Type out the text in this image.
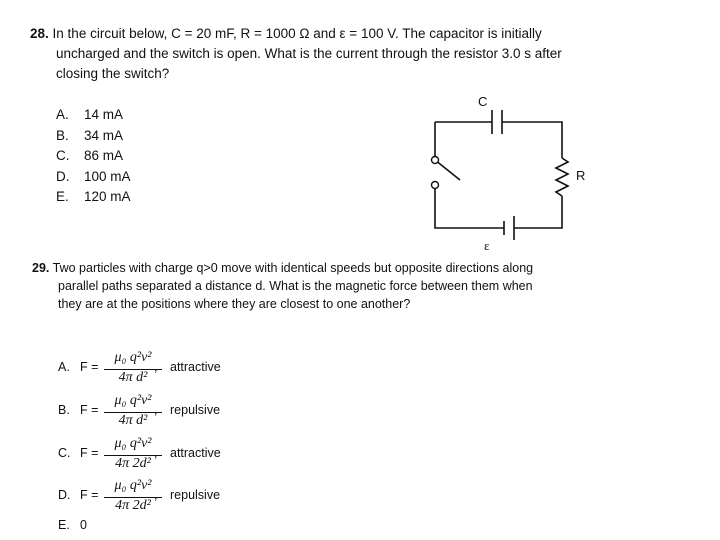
28. In the circuit below, C = 20 mF, R = 1000 Ω and ε = 100 V. The capacitor is initially
uncharged and the switch is open. What is the current through the resistor 3.0 s after
closing the switch?
A. 14 mA
B. 34 mA
C. 86 mA
D. 100 mA
E. 120 mA
C
R
ε
29. Two particles with charge q>0 move with identical speeds but opposite directions along
parallel paths separated a distance d. What is the magnetic force between them when
they are at the positions where they are closest to one another?
A. F =
μ₀ q²v²
4π d²
, attractive
B. F =
μ₀ q²v²
4π d²
, repulsive
C. F =
μ₀ q²v²
4π 2d²
, attractive
D. F =
μ₀ q²v²
4π 2d²
, repulsive
E. 0
